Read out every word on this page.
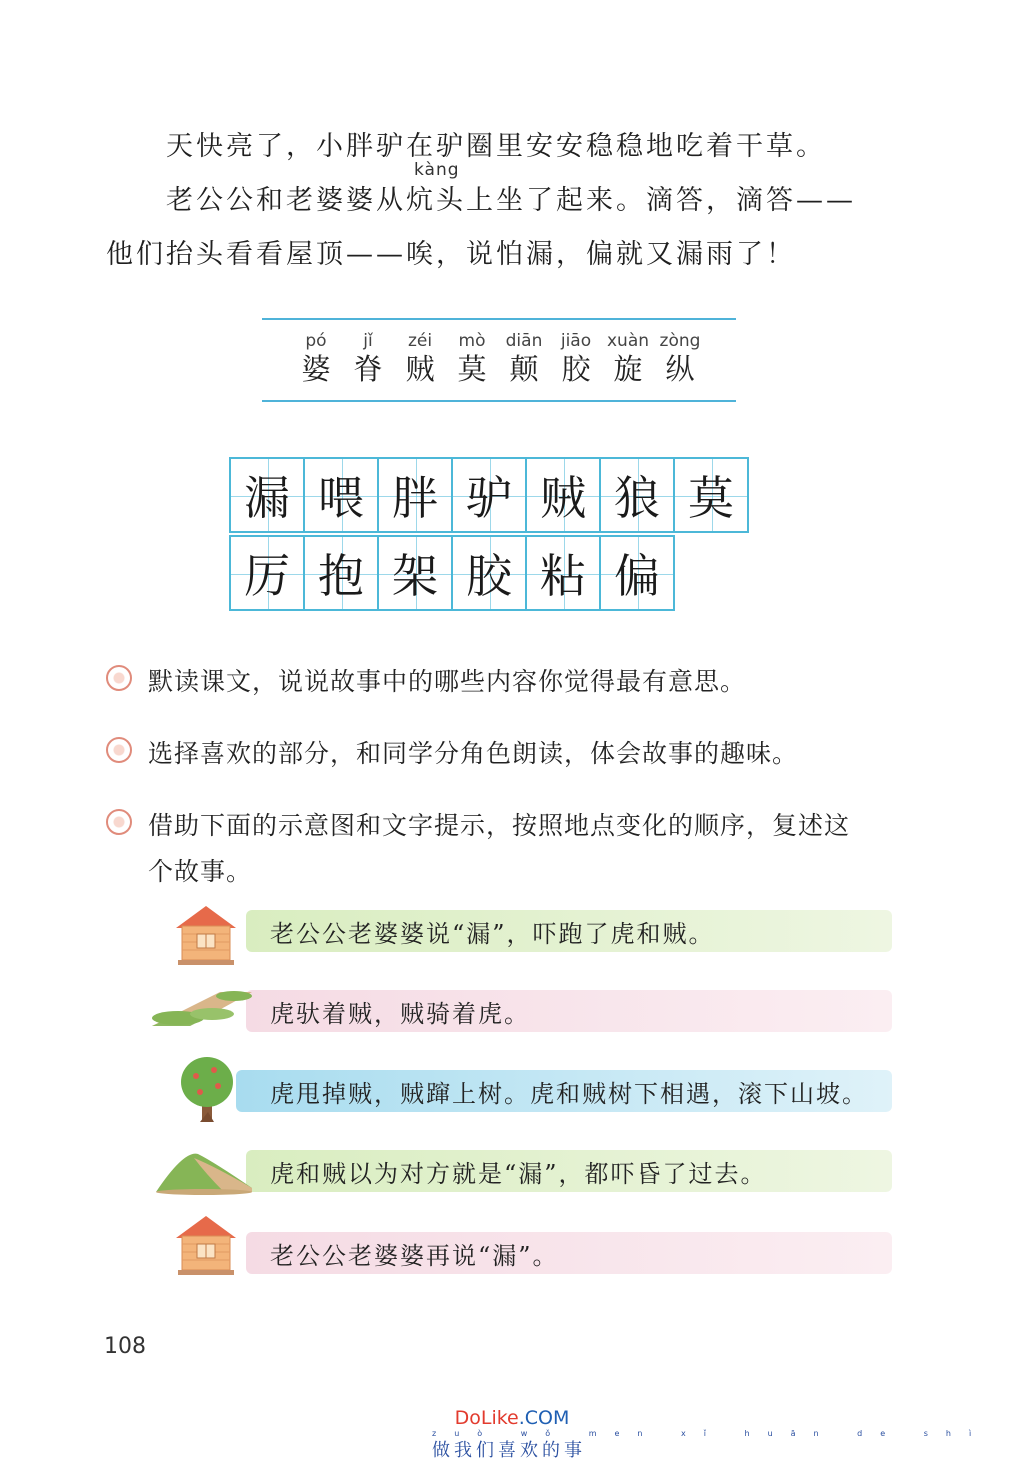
天快亮了，小胖驴在驴圈里安安稳稳地吃着干草。
kàng
老公公和老婆婆从炕头上坐了起来。滴答，滴答——
他们抬头看看屋顶——唉，说怕漏，偏就又漏雨了！
pó
婆
jǐ
脊
zéi
贼
mò
莫
diān
颠
jiāo
胶
xuàn
旋
zòng
纵
漏 喂 胖 驴 贼 狼 莫
厉 抱 架 胶 粘 偏
默读课文，说说故事中的哪些内容你觉得最有意思。
选择喜欢的部分，和同学分角色朗读，体会故事的趣味。
借助下面的示意图和文字提示，按照地点变化的顺序，复述这
个故事。
老公公老婆婆说“漏”，吓跑了虎和贼。
虎驮着贼，贼骑着虎。
虎甩掉贼，贼蹿上树。虎和贼树下相遇，滚下山坡。
虎和贼以为对方就是“漏”，都吓昏了过去。
老公公老婆婆再说“漏”。
108
DoLike.COM
zuò wǒ men xǐ huān de shì
做我们喜欢的事
